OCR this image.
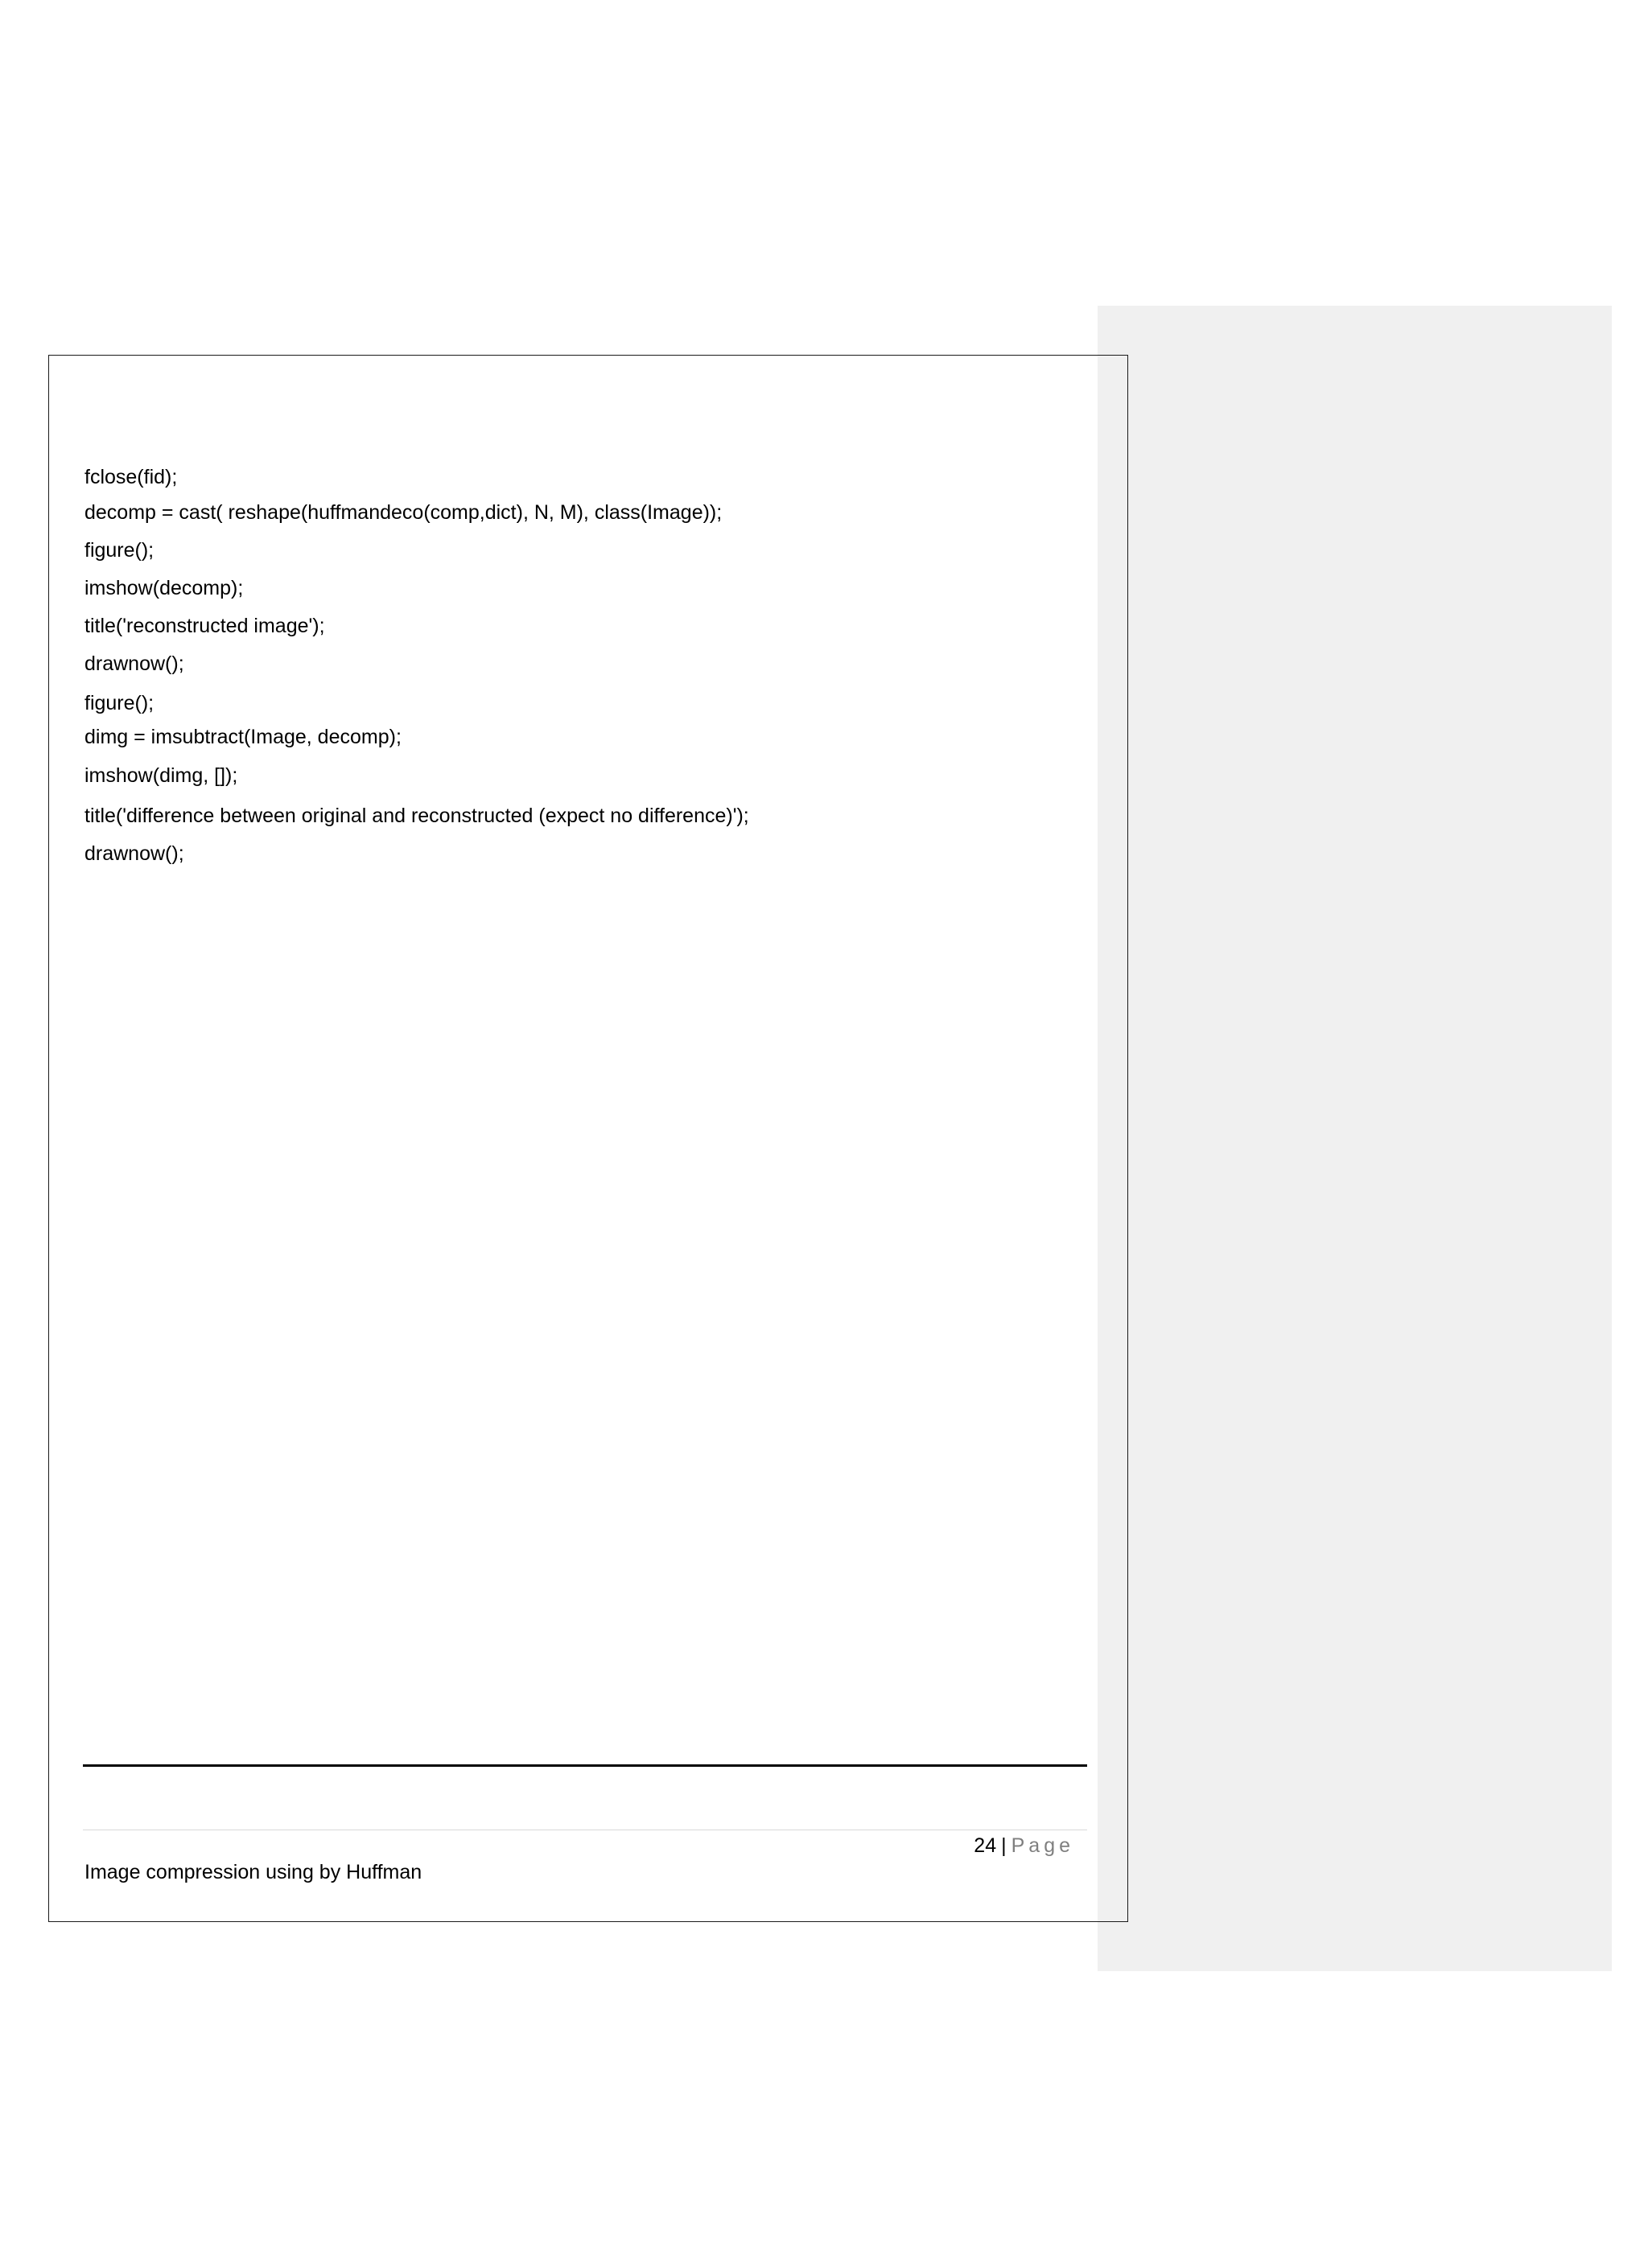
fclose(fid);
decomp = cast( reshape(huffmandeco(comp,dict), N, M), class(Image));
figure();
imshow(decomp);
title('reconstructed image');
drawnow();
figure();
dimg = imsubtract(Image, decomp);
imshow(dimg, []);
title('difference between original and reconstructed (expect no difference)');
drawnow();
24 | Page
Image compression using by Huffman
